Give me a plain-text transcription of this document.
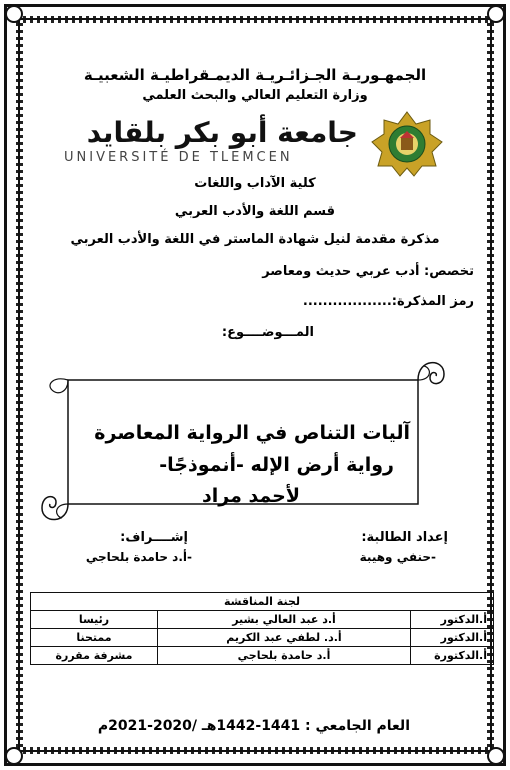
الجمهـوريـة الجـزائـريـة الديمـقراطيـة الشعبيـة
وزارة التعليم العالي والبحث العلمي
جامعة أبو بكر بلقايد
UNIVERSITÉ DE TLEMCEN
كلية الآداب واللغات
قسم اللغة والأدب العربي
مذكرة مقدمة لنيل شهادة الماستر في اللغة والأدب العربي
تخصص: أدب عربي حديث ومعاصر
رمز المذكرة:..................
المـــوضــــوع:
آليات التناص في الرواية المعاصرة
رواية أرض الإله -أنموذجًا-
لأحمد مراد
إعداد الطالبة:
-حنفي وهيبة
إشــــراف:
-أ.د حامدة بلحاجي
لجنة المناقشة		
أ.الدكتور	أ.د عبد العالي بشير	رئيسا
أ.الدكتور	أ.د. لطفي عبد الكريم	ممتحنا
أ.الدكتورة	أ.د حامدة بلحاجي	مشرفة مقررة
العام الجامعي : 1441-1442هـ /2020-2021م
